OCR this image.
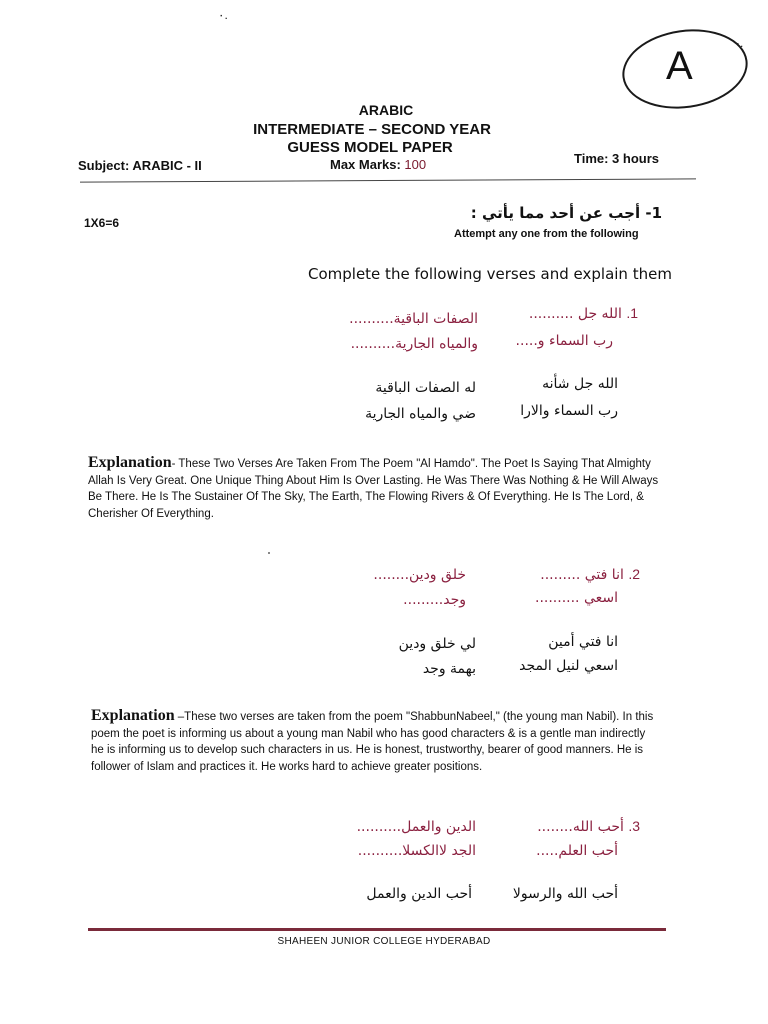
٠.
A
·.
ARABIC
INTERMEDIATE – SECOND YEAR
GUESS MODEL PAPER
Subject: ARABIC - II	Max Marks: 100	Time: 3 hours
1X6=6
1- أجب عن أحد مما يأتي :
Attempt any one from the following
Complete the following verses and explain them
1. الله جل ..........
الصفات الباقية..........
رب السماء و.....
والمياه الجارية..........
الله جل شأنه
له الصفات الباقية
رب السماء والارا
ضي والمياه الجارية
Explanation- These Two Verses Are Taken From The Poem "Al Hamdo". The Poet Is Saying That Almighty Allah Is Very Great. One Unique Thing About Him Is Over Lasting. He Was There Was Nothing & He Will Always
Be There. He Is The Sustainer Of The Sky, The Earth, The Flowing Rivers & Of Everything. He Is The Lord, & Cherisher Of Everything.
2. انا فتي .........
خلق ودين........
اسعي ..........
وجد.........
انا فتي أمين
لي خلق ودين
اسعي لنيل المجد
بهمة وجد
Explanation –These two verses are taken from the poem "ShabbunNabeel," (the young man Nabil). In this poem the poet is informing us about a young man Nabil who has good characters & is a gentle man indirectly he is informing us to develop such characters in us. He is honest, trustworthy, bearer of good manners. He is follower of Islam and practices it. He works hard to achieve greater positions.
3. أحب الله........
الدين والعمل..........
أحب العلم.....
الجد لاالكسلا..........
أحب الله والرسولا
أحب الدين والعمل
SHAHEEN JUNIOR COLLEGE HYDERABAD
